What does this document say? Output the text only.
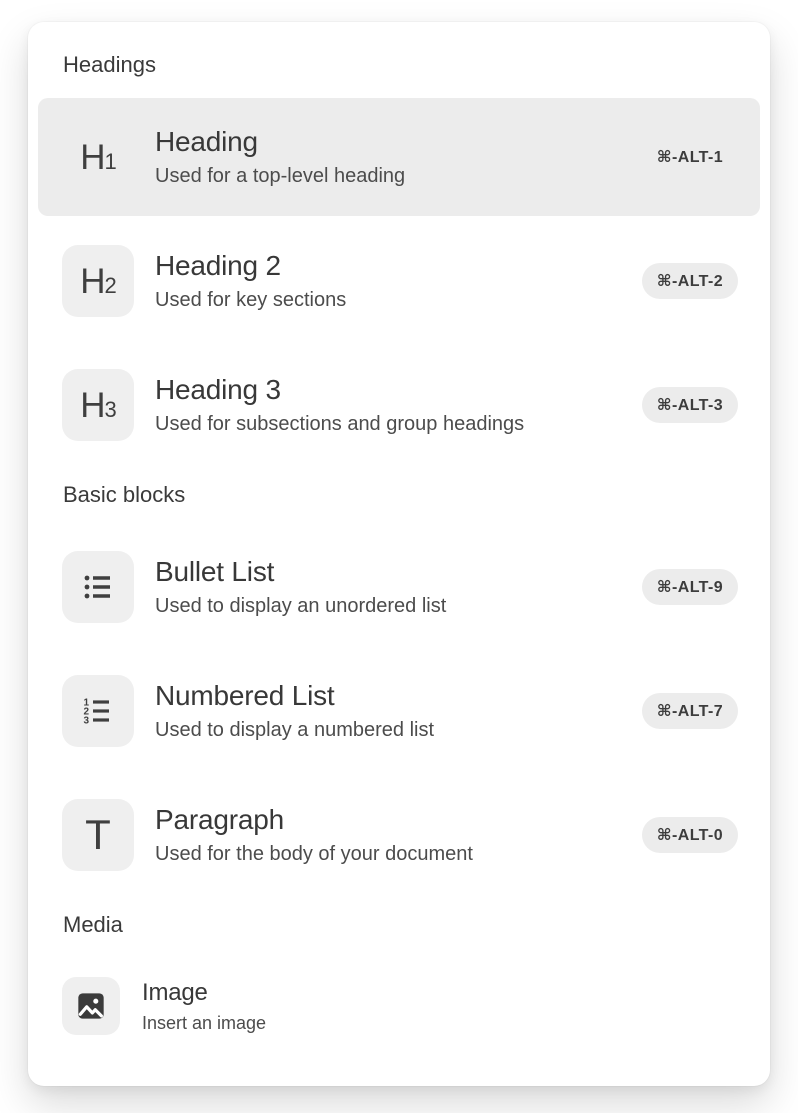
Headings
H1
Heading
Used for a top-level heading
⌘-ALT-1
H2
Heading 2
Used for key sections
⌘-ALT-2
H3
Heading 3
Used for subsections and group headings
⌘-ALT-3
Basic blocks
Bullet List
Used to display an unordered list
⌘-ALT-9
1
2
3
Numbered List
Used to display a numbered list
⌘-ALT-7
T Paragraph
Used for the body of your document
⌘-ALT-0
Media
Image
Insert an image
